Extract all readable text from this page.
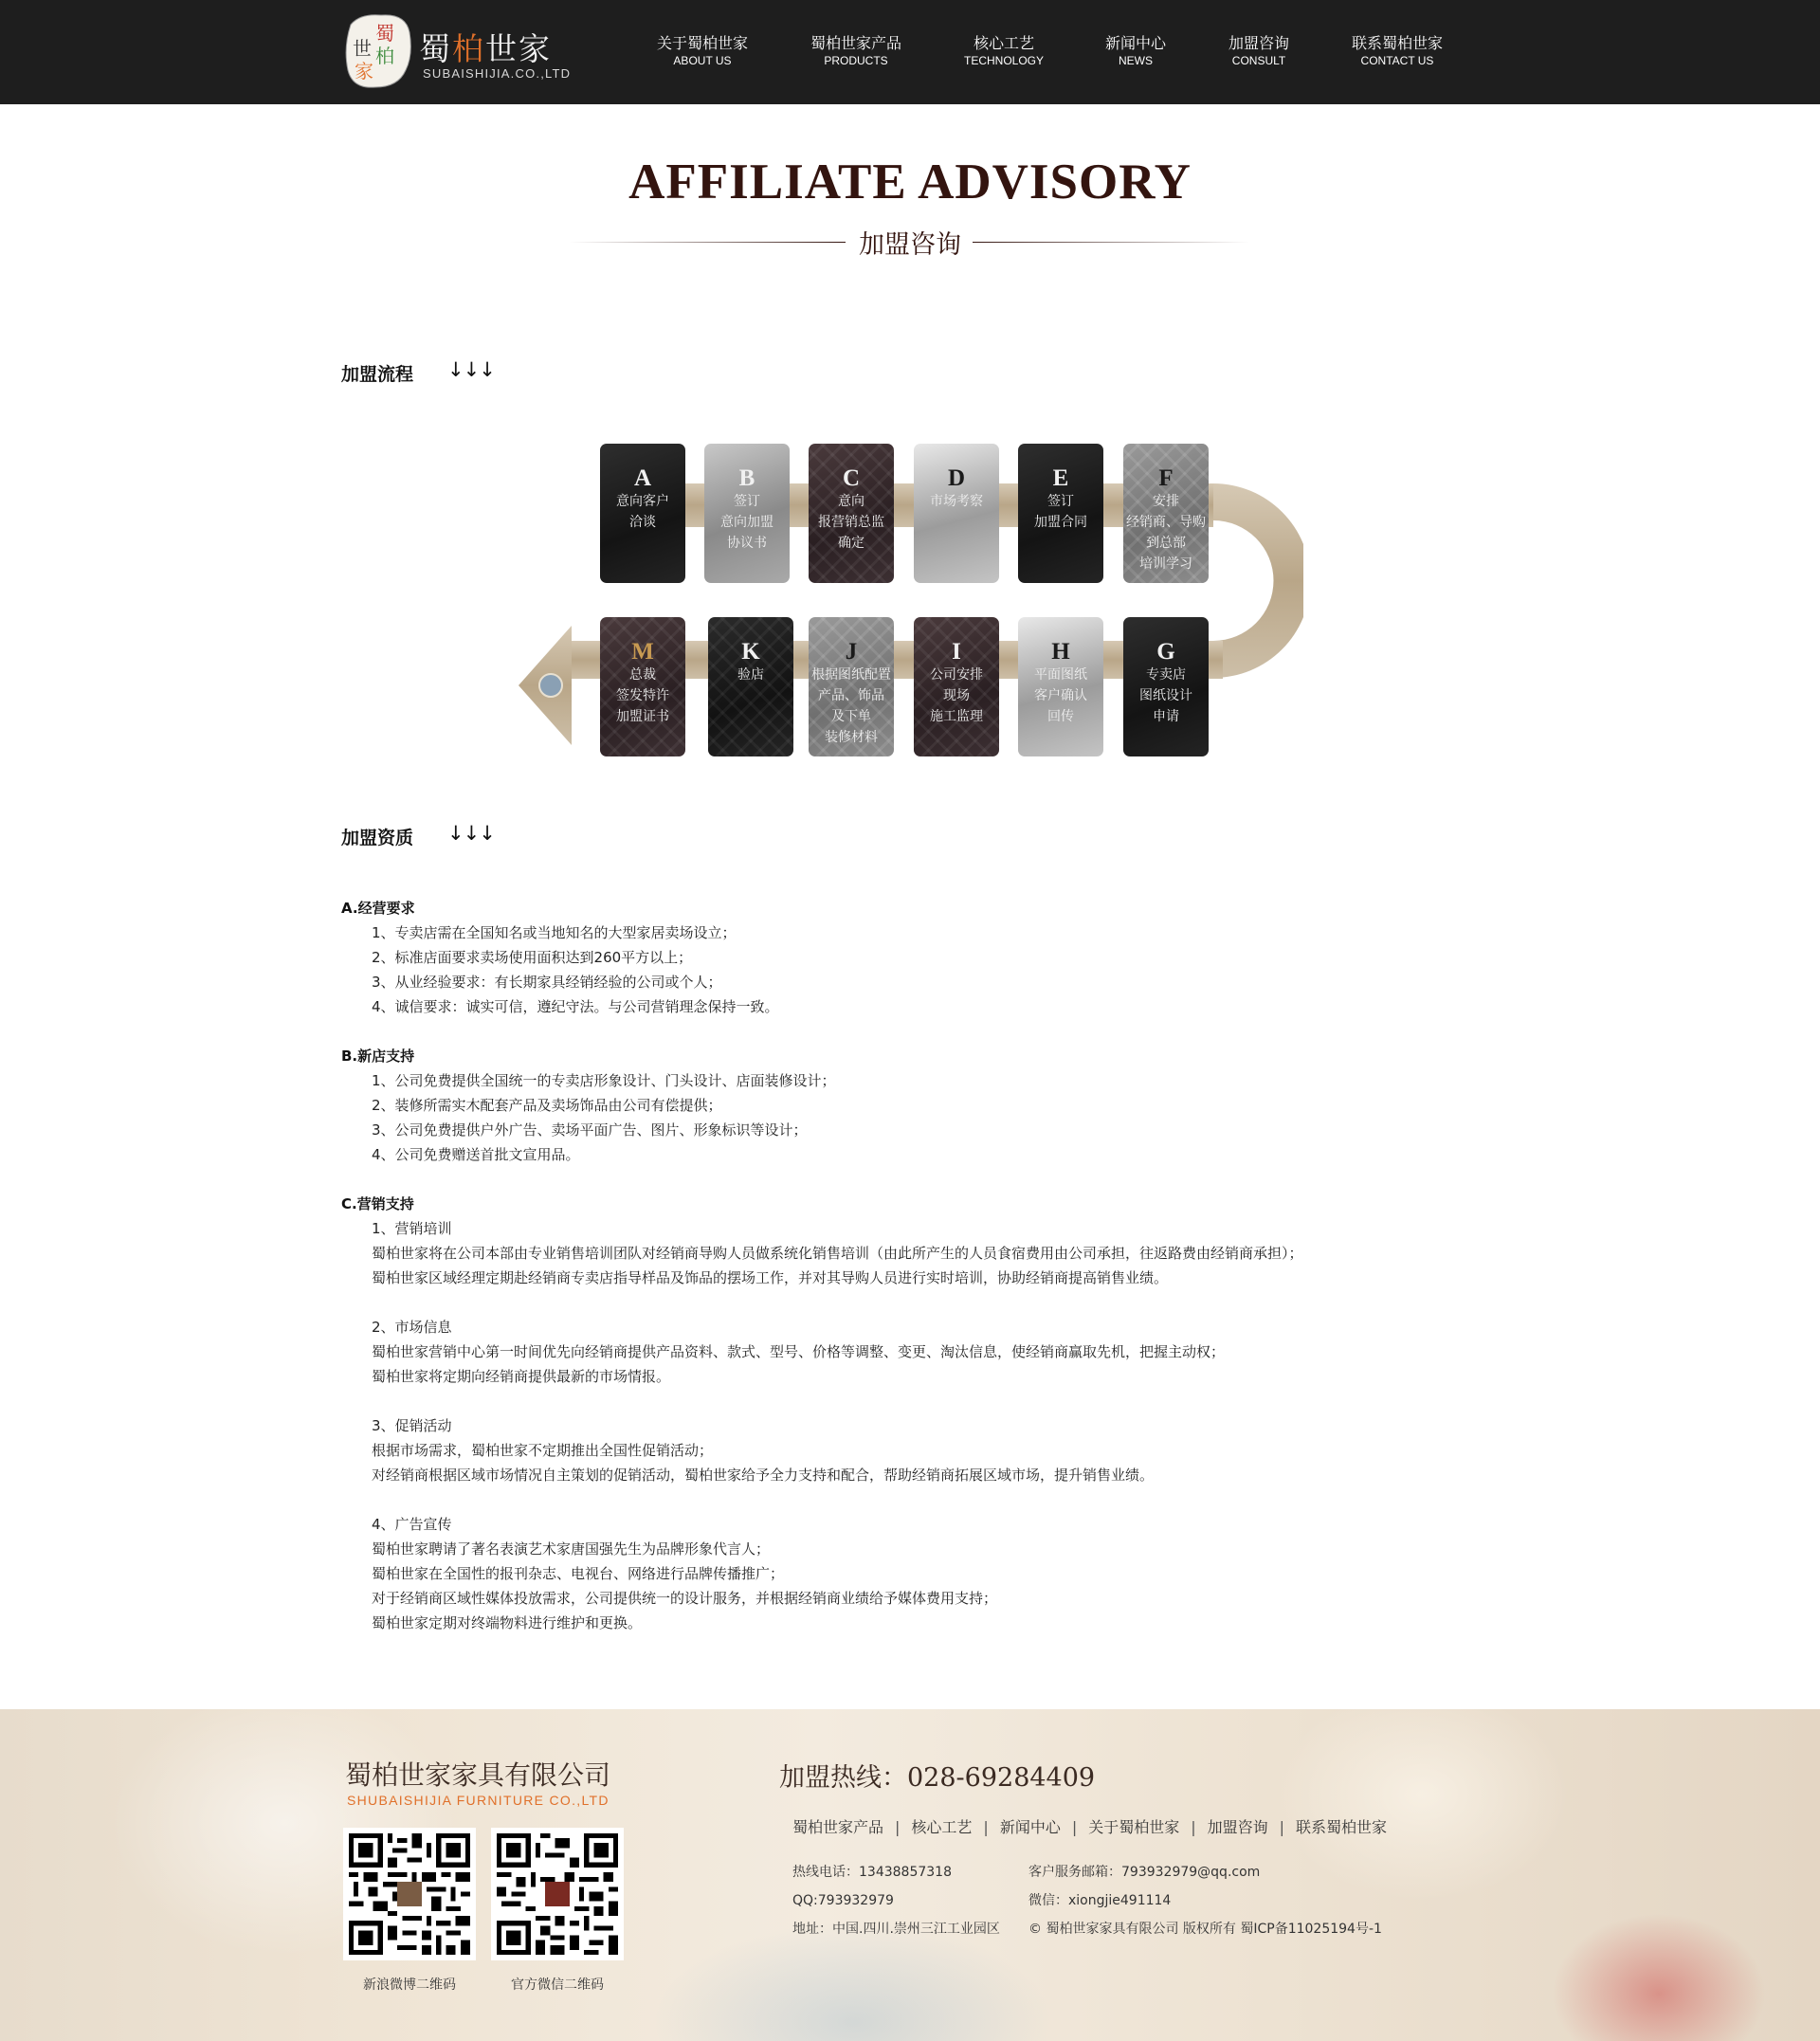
蜀
世 柏
家
蜀柏世家
SUBAISHIJIA.CO.,LTD
关于蜀柏世家
ABOUT US
蜀柏世家产品
PRODUCTS
核心工艺
TECHNOLOGY
新闻中心
NEWS
加盟咨询
CONSULT
联系蜀柏世家
CONTACT US
AFFILIATE ADVISORY
加盟咨询
加盟流程 ↓↓↓
A
意向客户
洽谈
B
签订
意向加盟
协议书
C
意向
报营销总监
确定
D
市场考察
E
签订
加盟合同
F
安排
经销商、导购
到总部
培训学习
G
专卖店
图纸设计
申请
H
平面图纸
客户确认
回传
I
公司安排
现场
施工监理
J
根据图纸配置
产品、饰品
及下单
装修材料
K
验店
M
总裁
签发特许
加盟证书
加盟资质 ↓↓↓
A.经营要求
1、专卖店需在全国知名或当地知名的大型家居卖场设立；
2、标准店面要求卖场使用面积达到260平方以上；
3、从业经验要求：有长期家具经销经验的公司或个人；
4、诚信要求：诚实可信，遵纪守法。与公司营销理念保持一致。
B.新店支持
1、公司免费提供全国统一的专卖店形象设计、门头设计、店面装修设计；
2、装修所需实木配套产品及卖场饰品由公司有偿提供；
3、公司免费提供户外广告、卖场平面广告、图片、形象标识等设计；
4、公司免费赠送首批文宣用品。
C.营销支持
1、营销培训
蜀柏世家将在公司本部由专业销售培训团队对经销商导购人员做系统化销售培训（由此所产生的人员食宿费用由公司承担，往返路费由经销商承担）；
蜀柏世家区域经理定期赴经销商专卖店指导样品及饰品的摆场工作，并对其导购人员进行实时培训，协助经销商提高销售业绩。
2、市场信息
蜀柏世家营销中心第一时间优先向经销商提供产品资料、款式、型号、价格等调整、变更、淘汰信息，使经销商赢取先机，把握主动权；
蜀柏世家将定期向经销商提供最新的市场情报。
3、促销活动
根据市场需求，蜀柏世家不定期推出全国性促销活动；
对经销商根据区域市场情况自主策划的促销活动，蜀柏世家给予全力支持和配合，帮助经销商拓展区域市场，提升销售业绩。
4、广告宣传
蜀柏世家聘请了著名表演艺术家唐国强先生为品牌形象代言人；
蜀柏世家在全国性的报刊杂志、电视台、网络进行品牌传播推广；
对于经销商区域性媒体投放需求，公司提供统一的设计服务，并根据经销商业绩给予媒体费用支持；
蜀柏世家定期对终端物料进行维护和更换。
蜀柏世家家具有限公司
SHUBAISHIJIA FURNITURE CO.,LTD
新浪微博二维码	官方微信二维码
加盟热线：028-69284409
蜀柏世家产品 | 核心工艺 | 新闻中心 | 关于蜀柏世家 | 加盟咨询 | 联系蜀柏世家
热线电话：13438857318
QQ:793932979
地址：中国.四川.崇州三江工业园区
客户服务邮箱：793932979@qq.com
微信：xiongjie491114
© 蜀柏世家家具有限公司 版权所有 蜀ICP备11025194号-1
